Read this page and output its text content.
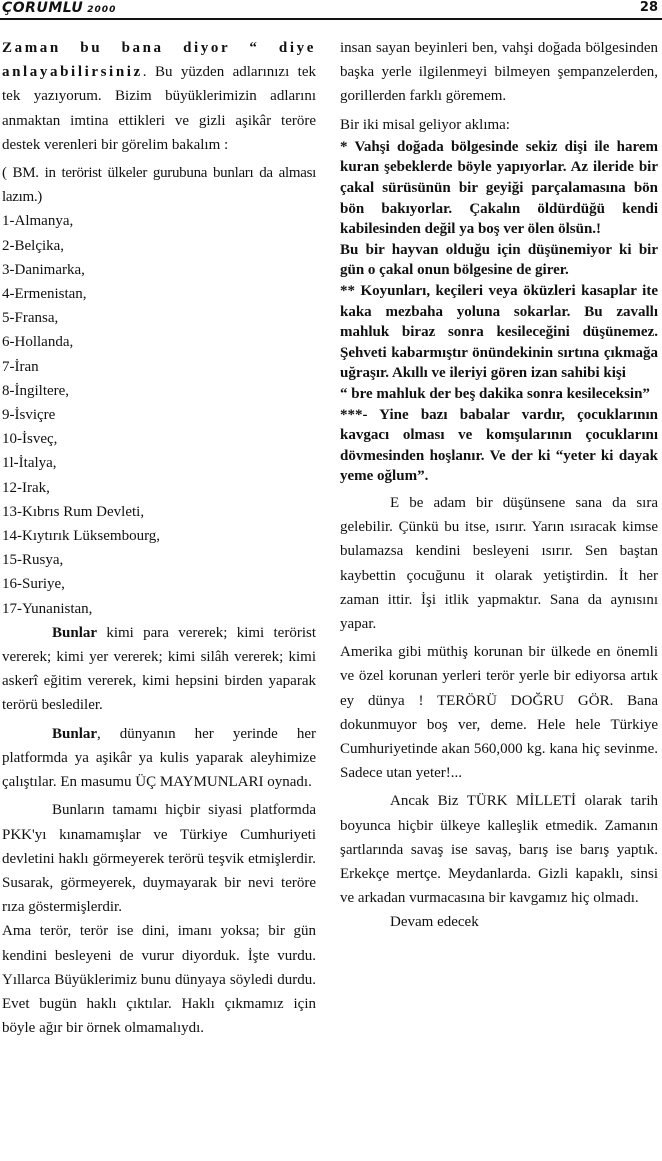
ÇORUMLU 2000	28

Zaman bu bana diyor “ diye anlayabilirsiniz. Bu yüzden adlarınızı tek tek yazıyorum. Bizim büyüklerimizin adlarını anmaktan imtina ettikleri ve gizli aşikâr teröre destek verenleri bir görelim bakalım :

( BM. in terörist ülkeler gurubuna bunları da alması lazım.)

1-Almanya,
2-Belçika,
3-Danimarka,
4-Ermenistan,
5-Fransa,
6-Hollanda,
7-İran
8-İngiltere,
9-İsviçre
10-İsveç,
1l-İtalya,
12-Irak,
13-Kıbrıs Rum Devleti,
14-Kıytırık Lüksembourg,
15-Rusya,
16-Suriye,
17-Yunanistan,

Bunlar kimi para vererek; kimi terörist vererek; kimi yer vererek; kimi silâh vererek; kimi askerî eğitim vererek, kimi hepsini birden yaparak terörü beslediler.

Bunlar, dünyanın her yerinde her platformda ya aşikâr ya kulis yaparak aleyhimize çalıştılar. En masumu ÜÇ MAYMUNLARI oynadı.

Bunların tamamı hiçbir siyasi platformda PKK'yı kınamamışlar ve Türkiye Cumhuriyeti devletini haklı görmeyerek terörü teşvik etmişlerdir. Susarak, görmeyerek, duymayarak bir nevi teröre rıza göstermişlerdir.

Ama terör, terör ise dini, imanı yoksa; bir gün kendini besleyeni de vurur diyorduk. İşte vurdu. Yıllarca Büyüklerimiz bunu dünyaya söyledi durdu. Evet bugün haklı çıktılar. Haklı çıkmamız için böyle ağır bir örnek olmamalıydı.

insan sayan beyinleri ben, vahşi doğada bölgesinden başka yerle ilgilenmeyi bilmeyen şempanzelerden, gorillerden farklı göremem.

Bir iki misal geliyor aklıma:

* Vahşi doğada bölgesinde sekiz dişi ile harem kuran şebeklerde böyle yapıyorlar. Az ileride bir çakal sürüsünün bir geyiği parçalamasına bön bön bakıyorlar. Çakalın öldürdüğü kendi kabilesinden değil ya boş ver ölen ölsün.!

Bu bir hayvan olduğu için düşünemiyor ki bir gün o çakal onun bölgesine de girer.

** Koyunları, keçileri veya öküzleri kasaplar ite kaka mezbaha yoluna sokarlar. Bu zavallı mahluk biraz sonra kesileceğini düşünemez. Şehveti kabarmıştır önündekinin sırtına çıkmağa uğraşır. Akıllı ve ileriyi gören izan sahibi kişi

“ bre mahluk der beş dakika sonra kesileceksin”

***- Yine bazı babalar vardır, çocuklarının kavgacı olması ve komşularının çocuklarını dövmesinden hoşlanır. Ve der ki “yeter ki dayak yeme oğlum”.

E be adam bir düşünsene sana da sıra gelebilir. Çünkü bu itse, ısırır. Yarın ısıracak kimse bulamazsa kendini besleyeni ısırır. Sen baştan kaybettin çocuğunu it olarak yetiştirdin. İt her zaman ittir. İşi itlik yapmaktır. Sana da aynısını yapar.

Amerika gibi müthiş korunan bir ülkede en önemli ve özel korunan yerleri terör yerle bir ediyorsa artık ey dünya ! TERÖRÜ DOĞRU GÖR. Bana dokunmuyor boş ver, deme. Hele hele Türkiye Cumhuriyetinde akan 560,000 kg. kana hiç sevinme. Sadece utan yeter!...

Ancak Biz TÜRK MİLLETİ olarak tarih boyunca hiçbir ülkeye kalleşlik etmedik. Zamanın şartlarında savaş ise savaş, barış ise barış yaptık. Erkekçe mertçe. Meydanlarda. Gizli kapaklı, sinsi ve arkadan vurmacasına bir kavgamız hiç olmadı.

Devam edecek
